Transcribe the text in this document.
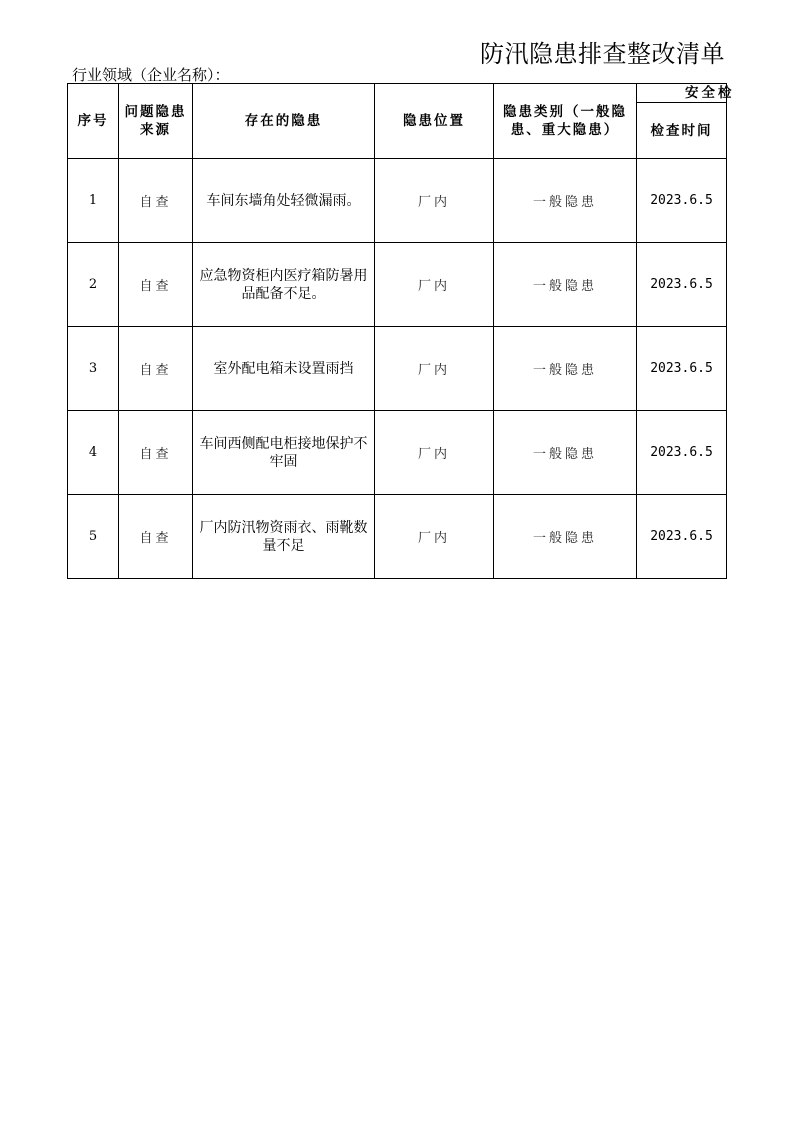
防汛隐患排查整改清单
行业领域（企业名称）：
序号	问题隐患来源	存在的隐患	隐患位置	隐患类别（一般隐患、重大隐患）	安全检
					检查时间
1	自查	车间东墙角处轻微漏雨。	厂内	一般隐患	2023.6.5
2	自查	应急物资柜内医疗箱防暑用品配备不足。	厂内	一般隐患	2023.6.5
3	自查	室外配电箱未设置雨挡	厂内	一般隐患	2023.6.5
4	自查	车间西侧配电柜接地保护不牢固	厂内	一般隐患	2023.6.5
5	自查	厂内防汛物资雨衣、雨靴数量不足	厂内	一般隐患	2023.6.5
